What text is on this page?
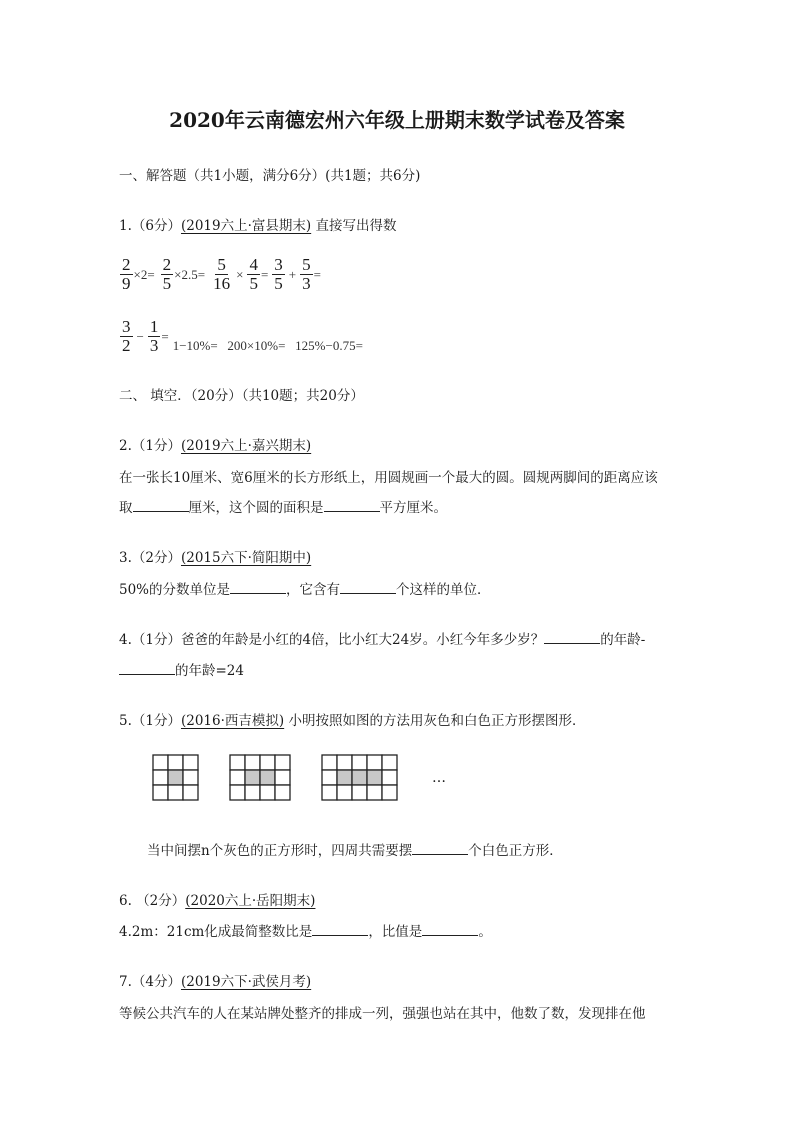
2020年云南德宏州六年级上册期末数学试卷及答案
一、解答题（共1小题，满分6分）(共1题；共6分)
1.（6分）(2019六上·富县期末) 直接写出得数
$\frac{2}{9} \times 2= \frac{2}{5} \times 2.5= \frac{5}{16} \times \frac{4}{5} = \frac{3}{5} + \frac{5}{3}$ =
$\frac{3}{2} - \frac{1}{3}$ =
1−10%=   200×10%=   125%−0.75=
二、 填空．（20分）（共10题；共20分）
2.（1分）(2019六上·嘉兴期末)
在一张长10厘米、宽6厘米的长方形纸上，用圆规画一个最大的圆。圆规两脚间的距离应该
取	厘米，这个圆的面积是	平方厘米。
3.（2分）(2015六下·简阳期中)
50%的分数单位是	，它含有	个这样的单位．
4.（1分）爸爸的年龄是小红的4倍，比小红大24岁。小红今年多少岁？	的年龄-
的年龄=24
5.（1分）(2016·西吉模拟) 小明按照如图的方法用灰色和白色正方形摆图形．
…
当中间摆n个灰色的正方形时，四周共需要摆	个白色正方形．
6. （2分）(2020六上·岳阳期末)
4.2m：21cm化成最简整数比是	，比值是	。
7.（4分）(2019六下·武侯月考)
等候公共汽车的人在某站牌处整齐的排成一列，强强也站在其中，他数了数，发现排在他
